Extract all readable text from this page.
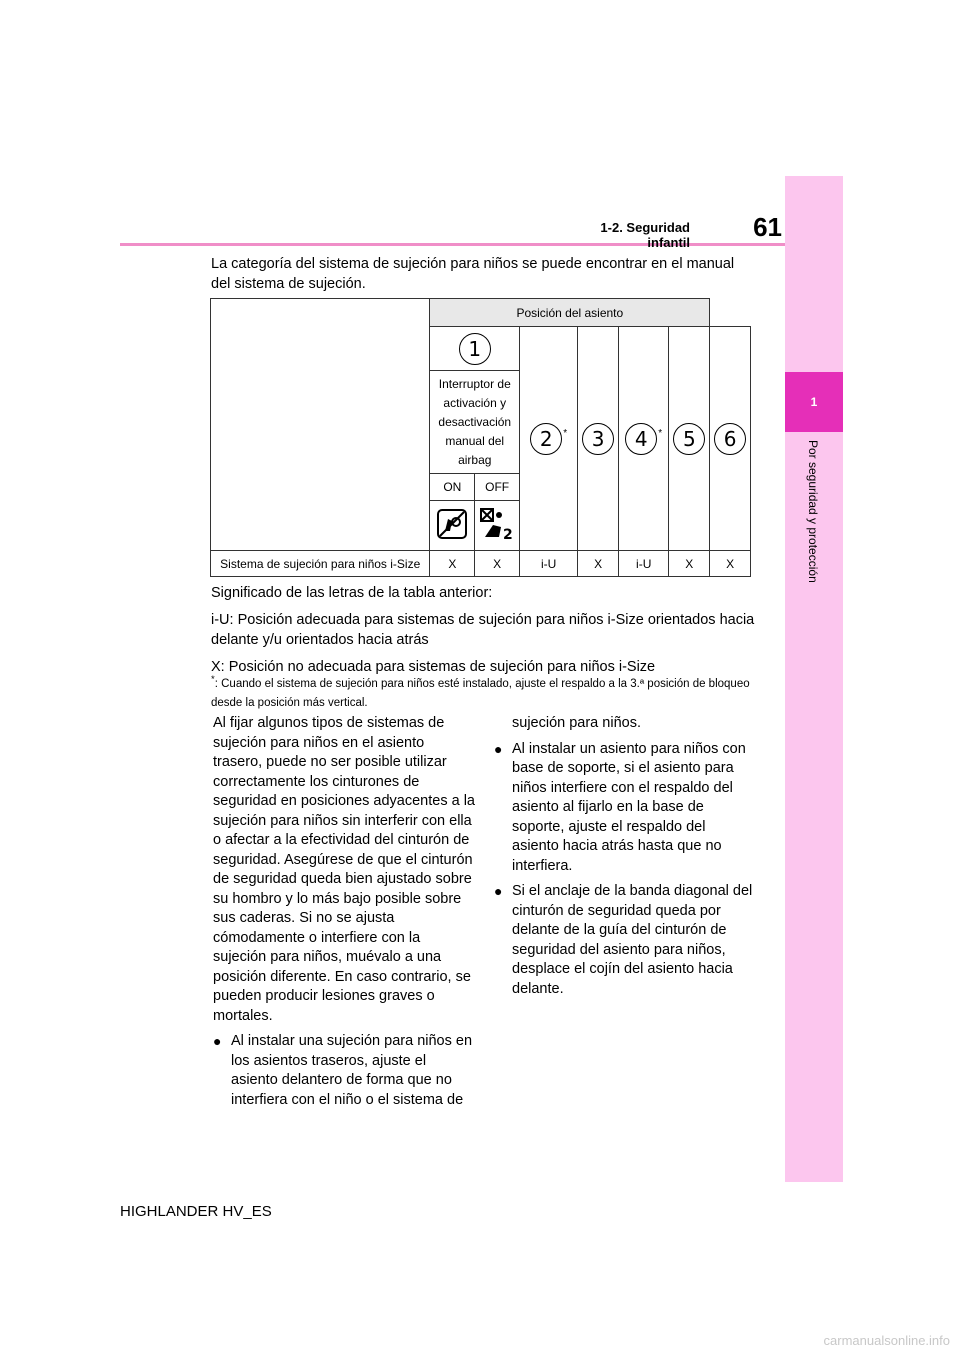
1-2. Seguridad infantil
61
1
Por seguridad y protección
La categoría del sistema de sujeción para niños se puede encontrar en el manual del sistema de sujeción.
	Posición del asiento						
	1		2 *	3	4 *	5	6
	Interruptor de activación y desactivación manual del airbag						
	ON	OFF					

2					

Sistema de sujeción para niños i-Size	X	X	i-U	X	i-U	X	X

Significado de las letras de la tabla anterior:

i-U: Posición adecuada para sistemas de sujeción para niños i-Size orientados hacia delante y/u orientados hacia atrás

X: Posición no adecuada para sistemas de sujeción para niños i-Size

*: Cuando el sistema de sujeción para niños esté instalado, ajuste el respaldo a la 3.ª posición de bloqueo desde la posición más vertical.

Al fijar algunos tipos de sistemas de sujeción para niños en el asiento trasero, puede no ser posible utilizar correctamente los cinturones de seguridad en posiciones adyacentes a la sujeción para niños sin interferir con ella o afectar a la efectividad del cinturón de seguridad. Asegúrese de que el cinturón de seguridad queda bien ajustado sobre su hombro y lo más bajo posible sobre sus caderas. Si no se ajusta cómodamente o interfiere con la sujeción para niños, muévalo a una posición diferente. En caso contrario, se pueden producir lesiones graves o mortales.

● Al instalar una sujeción para niños en los asientos traseros, ajuste el asiento delantero de forma que no interfiera con el niño o el sistema de

sujeción para niños.

● Al instalar un asiento para niños con base de soporte, si el asiento para niños interfiere con el respaldo del asiento al fijarlo en la base de soporte, ajuste el respaldo del asiento hacia atrás hasta que no interfiera.
● Si el anclaje de la banda diagonal del cinturón de seguridad queda por delante de la guía del cinturón de seguridad del asiento para niños, desplace el cojín del asiento hacia delante.
HIGHLANDER HV_ES
carmanualsonline.info
